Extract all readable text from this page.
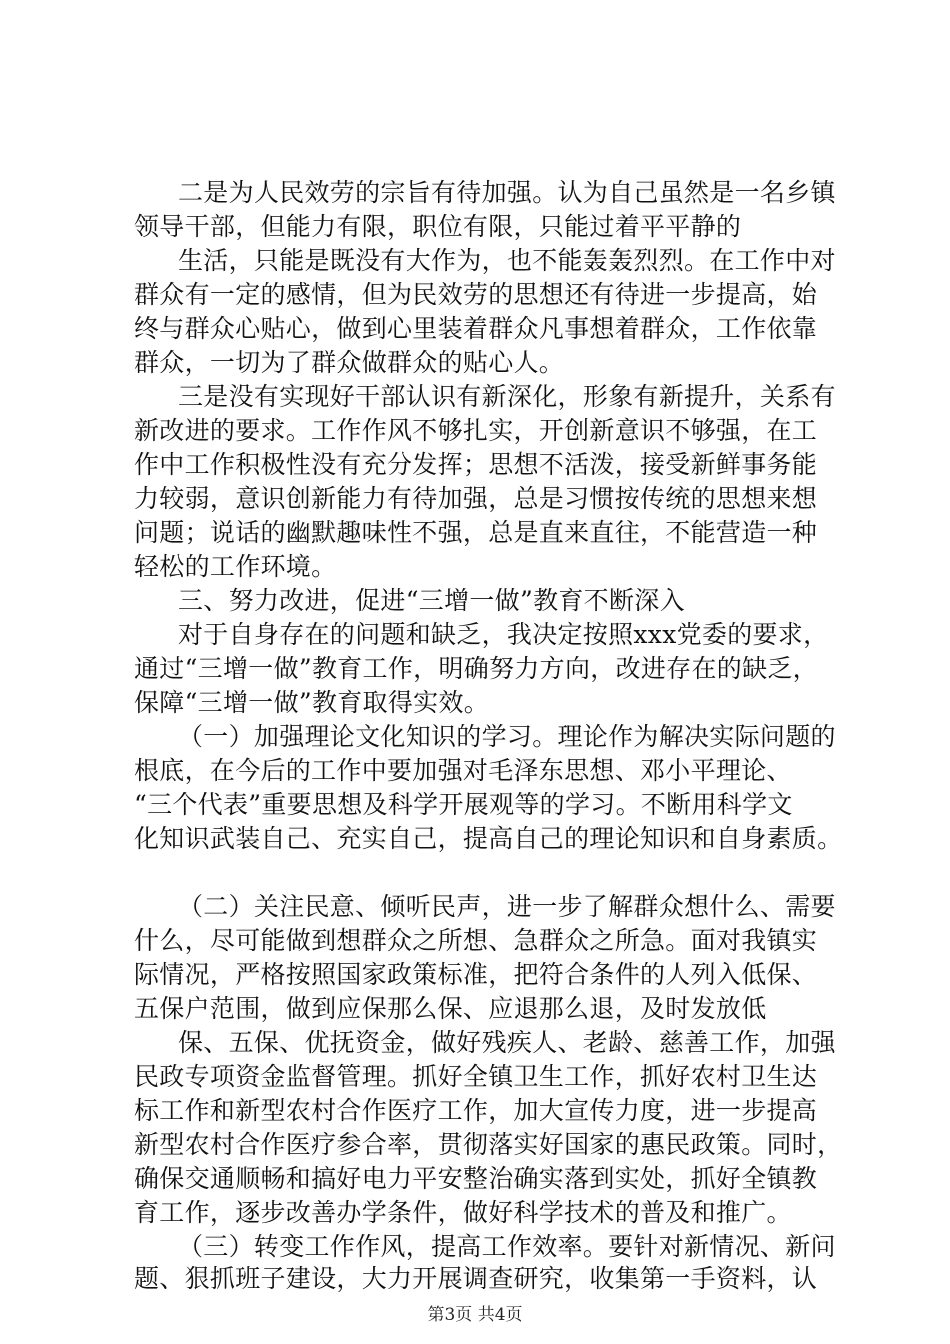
二是为人民效劳的宗旨有待加强。认为自己虽然是一名乡镇
领导干部，但能力有限，职位有限，只能过着平平静的
生活，只能是既没有大作为，也不能轰轰烈烈。在工作中对
群众有一定的感情，但为民效劳的思想还有待进一步提高，始
终与群众心贴心，做到心里装着群众凡事想着群众，工作依靠
群众，一切为了群众做群众的贴心人。
三是没有实现好干部认识有新深化，形象有新提升，关系有
新改进的要求。工作作风不够扎实，开创新意识不够强，在工
作中工作积极性没有充分发挥；思想不活泼，接受新鲜事务能
力较弱，意识创新能力有待加强，总是习惯按传统的思想来想
问题；说话的幽默趣味性不强，总是直来直往，不能营造一种
轻松的工作环境。
三、努力改进，促进“三增一做”教育不断深入
对于自身存在的问题和缺乏，我决定按照xxx党委的要求，
通过“三增一做”教育工作，明确努力方向，改进存在的缺乏，
保障“三增一做”教育取得实效。
（一）加强理论文化知识的学习。理论作为解决实际问题的
根底，在今后的工作中要加强对毛泽东思想、邓小平理论、
“三个代表”重要思想及科学开展观等的学习。不断用科学文
化知识武装自己、充实自己，提高自己的理论知识和自身素质。
（二）关注民意、倾听民声，进一步了解群众想什么、需要
什么，尽可能做到想群众之所想、急群众之所急。面对我镇实
际情况，严格按照国家政策标准，把符合条件的人列入低保、
五保户范围，做到应保那么保、应退那么退，及时发放低
保、五保、优抚资金，做好残疾人、老龄、慈善工作，加强
民政专项资金监督管理。抓好全镇卫生工作，抓好农村卫生达
标工作和新型农村合作医疗工作，加大宣传力度，进一步提高
新型农村合作医疗参合率，贯彻落实好国家的惠民政策。同时，
确保交通顺畅和搞好电力平安整治确实落到实处，抓好全镇教
育工作，逐步改善办学条件，做好科学技术的普及和推广。
（三）转变工作作风，提高工作效率。要针对新情况、新问
题、狠抓班子建设，大力开展调查研究，收集第一手资料，认
第3页 共4页
